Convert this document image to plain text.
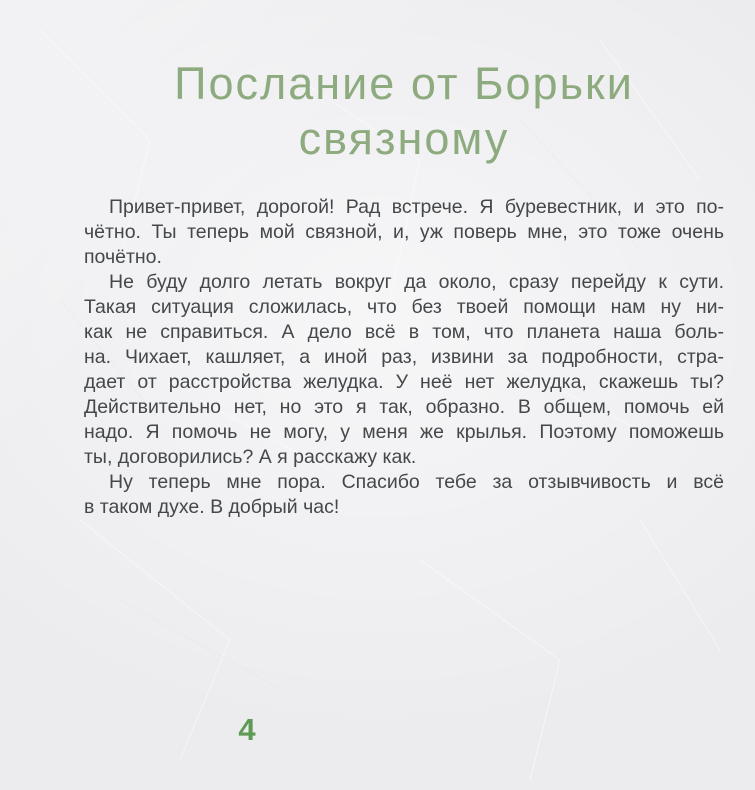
Послание от Борьки
связному
Привет-привет, дорогой! Рад встрече. Я буревестник, и это по-
чётно. Ты теперь мой связной, и, уж поверь мне, это тоже очень
почётно.
Не буду долго летать вокруг да около, сразу перейду к сути.
Такая ситуация сложилась, что без твоей помощи нам ну ни-
как не справиться. А дело всё в том, что планета наша боль-
на. Чихает, кашляет, а иной раз, извини за подробности, стра-
дает от расстройства желудка. У неё нет желудка, скажешь ты?
Действительно нет, но это я так, образно. В общем, помочь ей
надо. Я помочь не могу, у меня же крылья. Поэтому поможешь
ты, договорились? А я расскажу как.
Ну теперь мне пора. Спасибо тебе за отзывчивость и всё
в таком духе. В добрый час!
4
